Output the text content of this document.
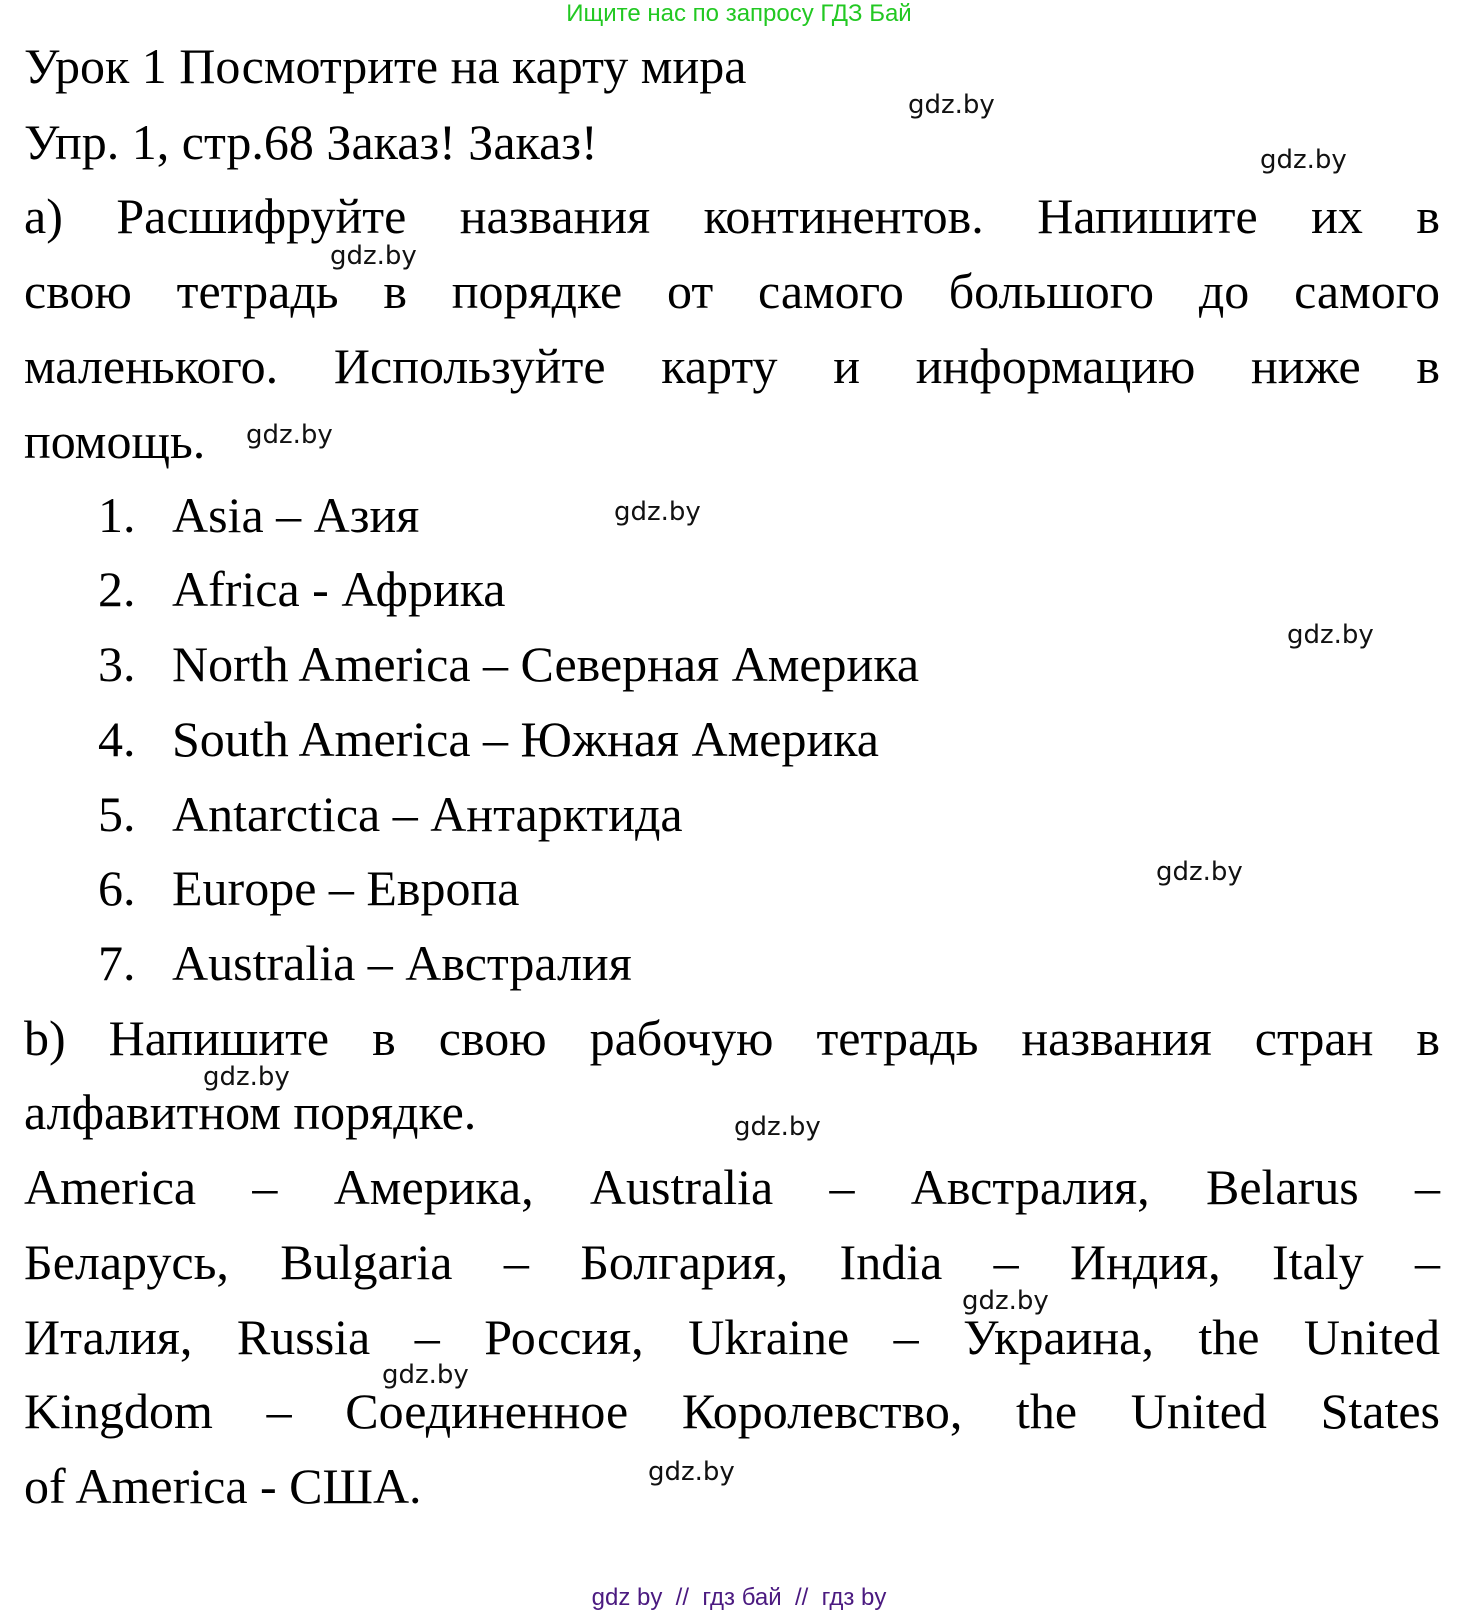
Ищите нас по запросу ГДЗ Бай
Урок 1 Посмотрите на карту мира
Упр. 1, стр.68 Заказ! Заказ!
a) Расшифруйте названия континентов. Напишите их в
свою тетрадь в порядке от самого большого до самого
маленького. Используйте карту и информацию ниже в
помощь.
1. Asia – Азия
2. Africa - Африка
3. North America – Северная Америка
4. South America – Южная Америка
5. Antarctica – Антарктида
6. Europe – Европа
7. Australia – Австралия
b) Напишите в свою рабочую тетрадь названия стран в
алфавитном порядке.
America – Америка, Australia – Австралия, Belarus –
Беларусь, Bulgaria – Болгария, India – Индия, Italy –
Италия, Russia – Россия, Ukraine – Украина, the United
Kingdom – Соединенное Королевство, the United States
of America - США.
gdz.by
gdz.by
gdz.by
gdz.by
gdz.by
gdz.by
gdz.by
gdz.by
gdz.by
gdz.by
gdz.by
gdz.by
gdz by  //  гдз бай  //  гдз by
